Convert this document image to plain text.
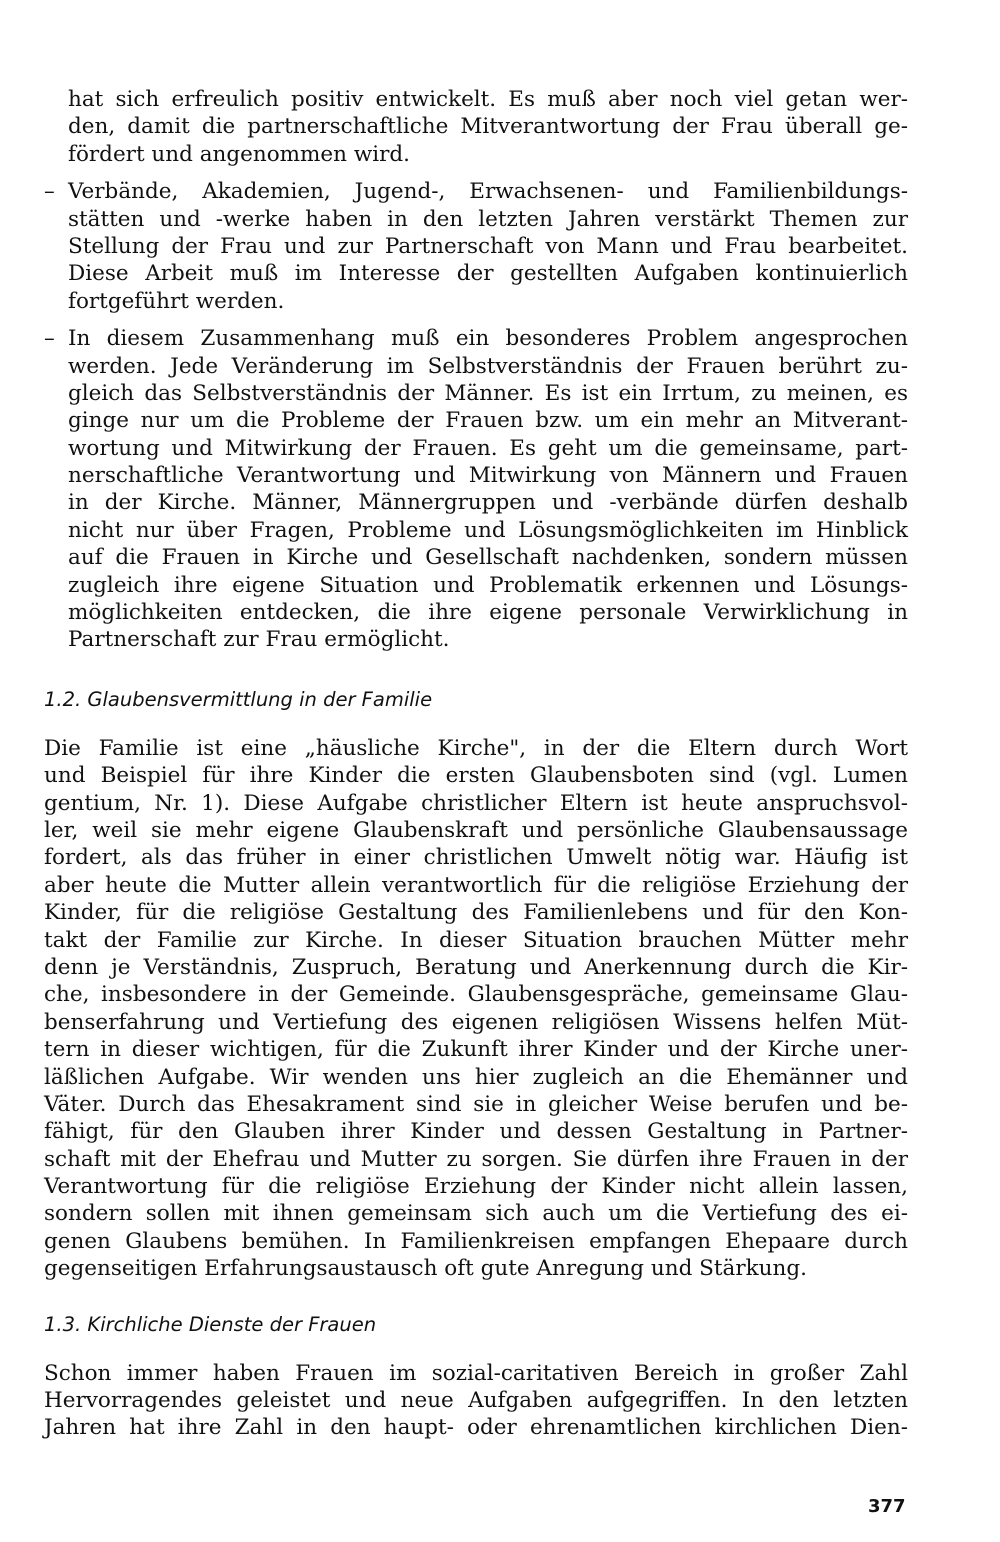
hat sich erfreulich positiv entwickelt. Es muß aber noch viel getan wer-
den, damit die partnerschaftliche Mitverantwortung der Frau überall ge-
fördert und angenommen wird.
– Verbände, Akademien, Jugend-, Erwachsenen- und Familienbildungs-
stätten und -werke haben in den letzten Jahren verstärkt Themen zur
Stellung der Frau und zur Partnerschaft von Mann und Frau bearbeitet.
Diese Arbeit muß im Interesse der gestellten Aufgaben kontinuierlich
fortgeführt werden.
– In diesem Zusammenhang muß ein besonderes Problem angesprochen
werden. Jede Veränderung im Selbstverständnis der Frauen berührt zu-
gleich das Selbstverständnis der Männer. Es ist ein Irrtum, zu meinen, es
ginge nur um die Probleme der Frauen bzw. um ein mehr an Mitverant-
wortung und Mitwirkung der Frauen. Es geht um die gemeinsame, part-
nerschaftliche Verantwortung und Mitwirkung von Männern und Frauen
in der Kirche. Männer, Männergruppen und -verbände dürfen deshalb
nicht nur über Fragen, Probleme und Lösungsmöglichkeiten im Hinblick
auf die Frauen in Kirche und Gesellschaft nachdenken, sondern müssen
zugleich ihre eigene Situation und Problematik erkennen und Lösungs-
möglichkeiten entdecken, die ihre eigene personale Verwirklichung in
Partnerschaft zur Frau ermöglicht.
1.2. Glaubensvermittlung in der Familie
Die Familie ist eine „häusliche Kirche", in der die Eltern durch Wort
und Beispiel für ihre Kinder die ersten Glaubensboten sind (vgl. Lumen
gentium, Nr. 1). Diese Aufgabe christlicher Eltern ist heute anspruchsvol-
ler, weil sie mehr eigene Glaubenskraft und persönliche Glaubensaussage
fordert, als das früher in einer christlichen Umwelt nötig war. Häufig ist
aber heute die Mutter allein verantwortlich für die religiöse Erziehung der
Kinder, für die religiöse Gestaltung des Familienlebens und für den Kon-
takt der Familie zur Kirche. In dieser Situation brauchen Mütter mehr
denn je Verständnis, Zuspruch, Beratung und Anerkennung durch die Kir-
che, insbesondere in der Gemeinde. Glaubensgespräche, gemeinsame Glau-
benserfahrung und Vertiefung des eigenen religiösen Wissens helfen Müt-
tern in dieser wichtigen, für die Zukunft ihrer Kinder und der Kirche uner-
läßlichen Aufgabe. Wir wenden uns hier zugleich an die Ehemänner und
Väter. Durch das Ehesakrament sind sie in gleicher Weise berufen und be-
fähigt, für den Glauben ihrer Kinder und dessen Gestaltung in Partner-
schaft mit der Ehefrau und Mutter zu sorgen. Sie dürfen ihre Frauen in der
Verantwortung für die religiöse Erziehung der Kinder nicht allein lassen,
sondern sollen mit ihnen gemeinsam sich auch um die Vertiefung des ei-
genen Glaubens bemühen. In Familienkreisen empfangen Ehepaare durch
gegenseitigen Erfahrungsaustausch oft gute Anregung und Stärkung.
1.3. Kirchliche Dienste der Frauen
Schon immer haben Frauen im sozial-caritativen Bereich in großer Zahl
Hervorragendes geleistet und neue Aufgaben aufgegriffen. In den letzten
Jahren hat ihre Zahl in den haupt- oder ehrenamtlichen kirchlichen Dien-
377
